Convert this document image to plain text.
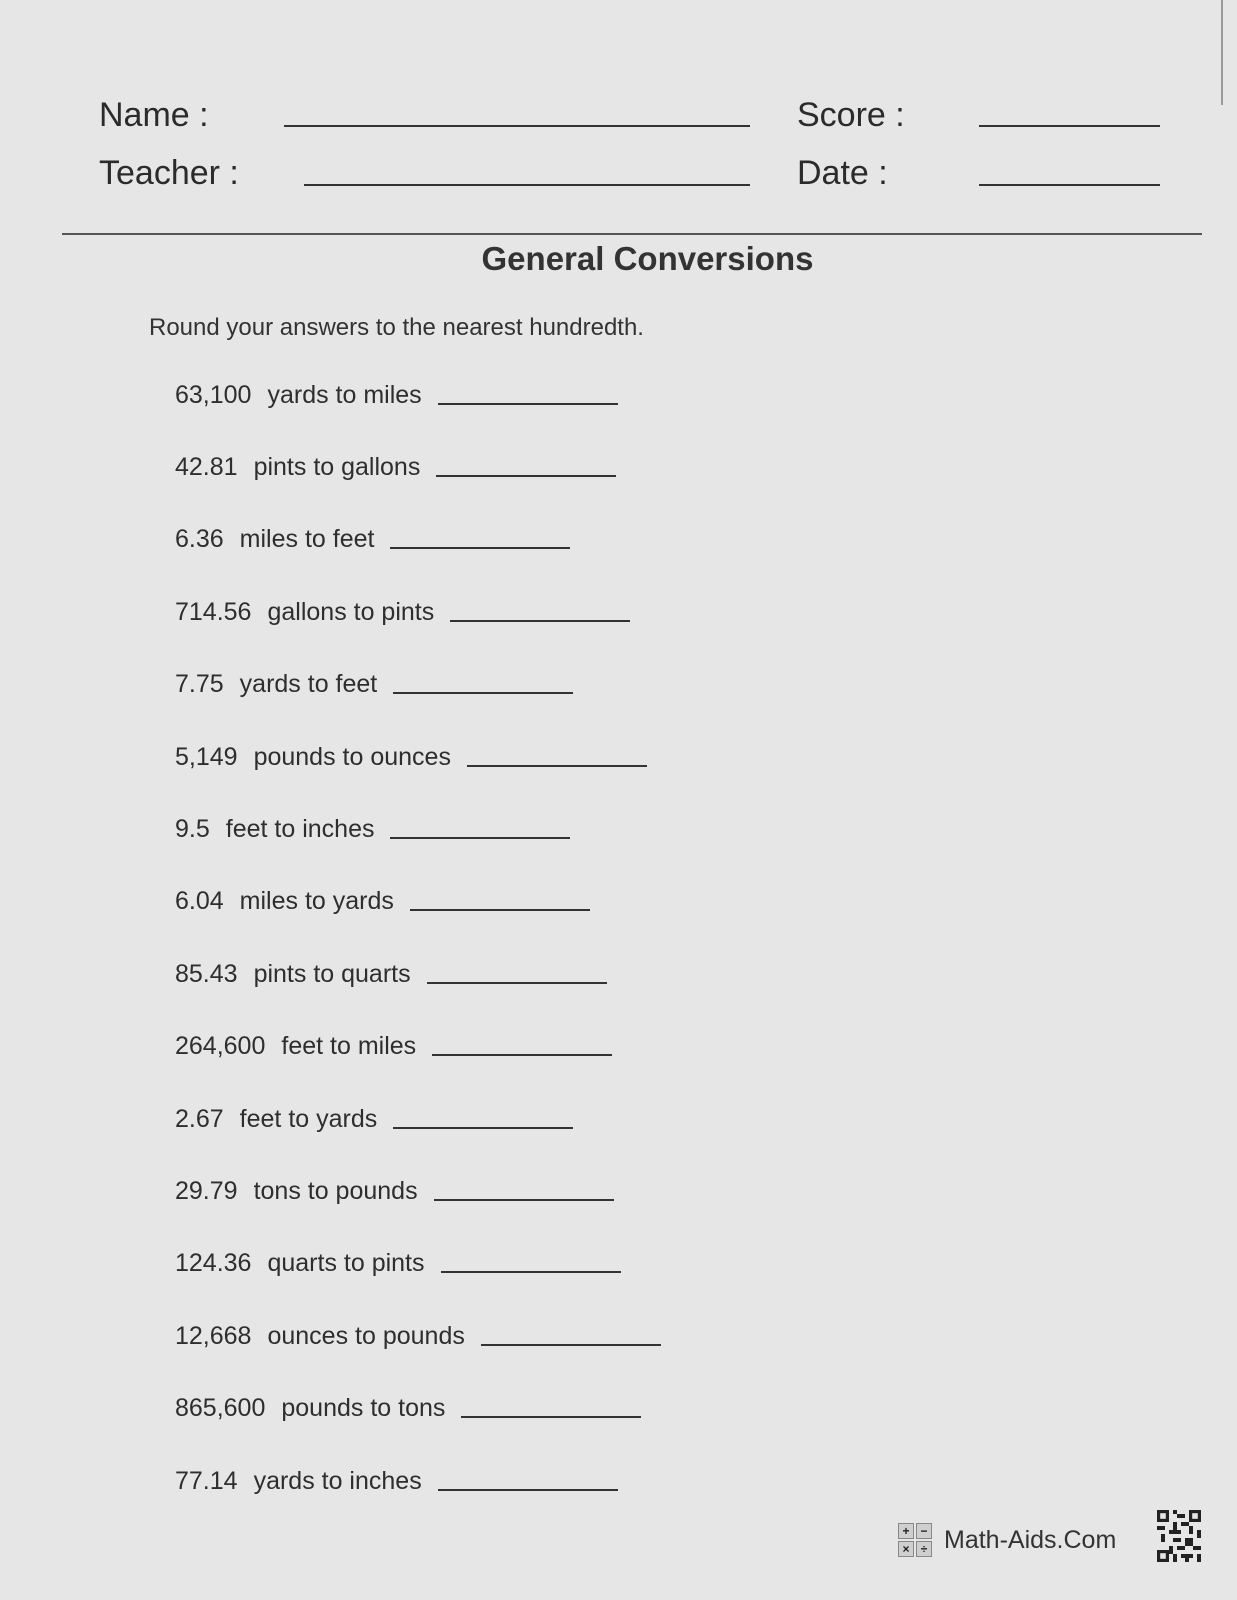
Name :
Teacher :
Score :
Date :
General Conversions
Round your answers to the nearest hundredth.
63,100 yards to miles
42.81 pints to gallons
6.36 miles to feet
714.56 gallons to pints
7.75 yards to feet
5,149 pounds to ounces
9.5 feet to inches
6.04 miles to yards
85.43 pints to quarts
264,600 feet to miles
2.67 feet to yards
29.79 tons to pounds
124.36 quarts to pints
12,668 ounces to pounds
865,600 pounds to tons
77.14 yards to inches
+ −
× ÷ Math-Aids.Com
